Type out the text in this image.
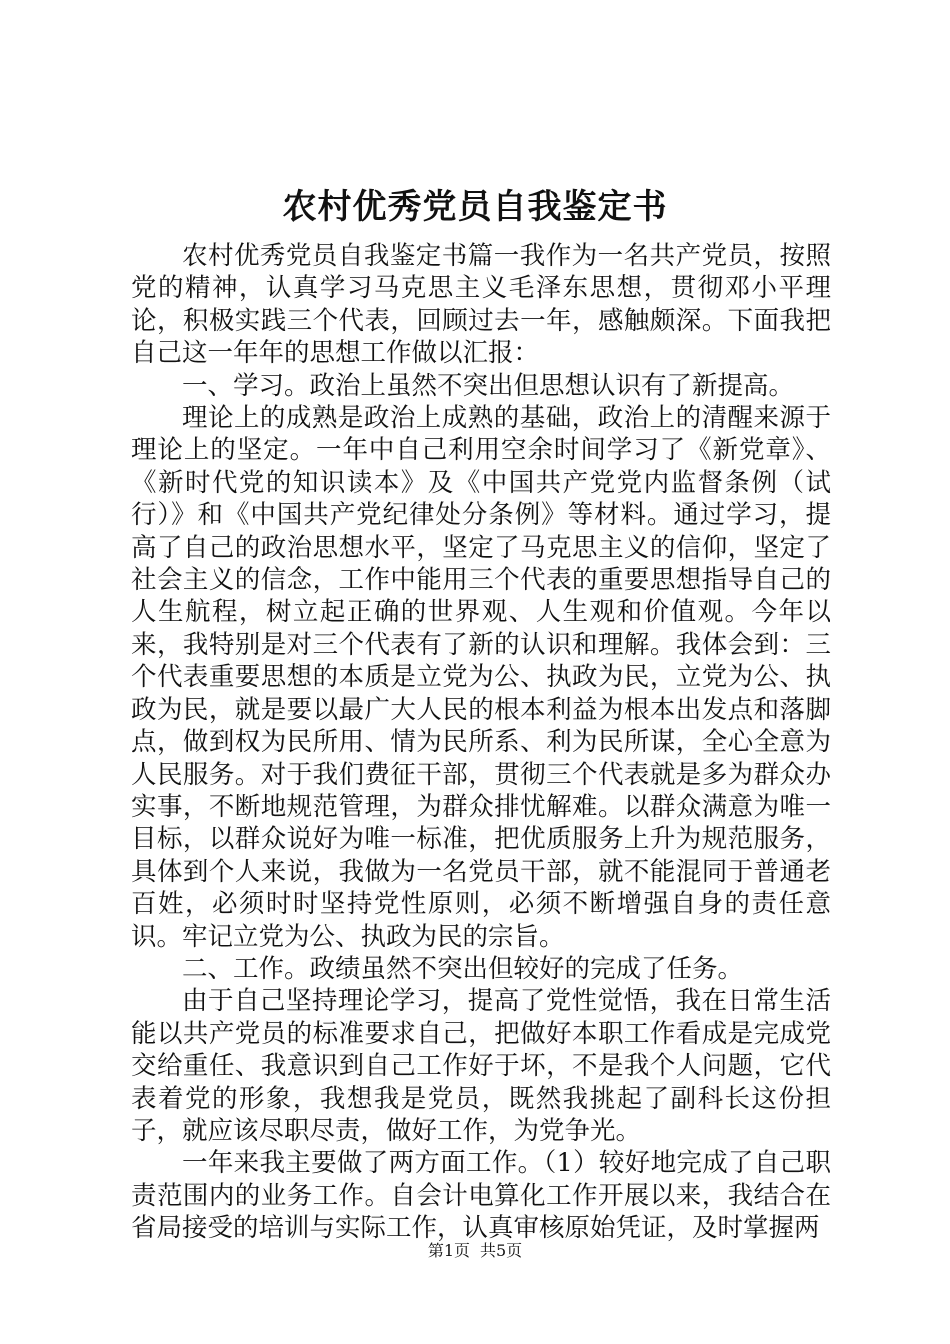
农村优秀党员自我鉴定书

农村优秀党员自我鉴定书篇一我作为一名共产党员，按照党的精神，认真学习马克思主义毛泽东思想，贯彻邓小平理论，积极实践三个代表，回顾过去一年，感触颇深。下面我把自己这一年年的思想工作做以汇报：

一、学习。政治上虽然不突出但思想认识有了新提高。

理论上的成熟是政治上成熟的基础，政治上的清醒来源于理论上的坚定。一年中自己利用空余时间学习了《新党章》、《新时代党的知识读本》及《中国共产党党内监督条例（试行）》和《中国共产党纪律处分条例》等材料。通过学习，提高了自己的政治思想水平，坚定了马克思主义的信仰，坚定了社会主义的信念，工作中能用三个代表的重要思想指导自己的人生航程，树立起正确的世界观、人生观和价值观。今年以来，我特别是对三个代表有了新的认识和理解。我体会到：三个代表重要思想的本质是立党为公、执政为民，立党为公、执政为民，就是要以最广大人民的根本利益为根本出发点和落脚点，做到权为民所用、情为民所系、利为民所谋，全心全意为人民服务。对于我们费征干部，贯彻三个代表就是多为群众办实事，不断地规范管理，为群众排忧解难。以群众满意为唯一目标，以群众说好为唯一标准，把优质服务上升为规范服务，具体到个人来说，我做为一名党员干部，就不能混同于普通老百姓，必须时时坚持党性原则，必须不断增强自身的责任意识。牢记立党为公、执政为民的宗旨。

二、工作。政绩虽然不突出但较好的完成了任务。

由于自己坚持理论学习，提高了党性觉悟，我在日常生活能以共产党员的标准要求自己，把做好本职工作看成是完成党交给重任、我意识到自己工作好于坏，不是我个人问题，它代表着党的形象，我想我是党员，既然我挑起了副科长这份担子，就应该尽职尽责，做好工作，为党争光。

一年来我主要做了两方面工作。（1）较好地完成了自己职责范围内的业务工作。自会计电算化工作开展以来，我结合在省局接受的培训与实际工作，认真审核原始凭证，及时掌握两

第1页 共5页
